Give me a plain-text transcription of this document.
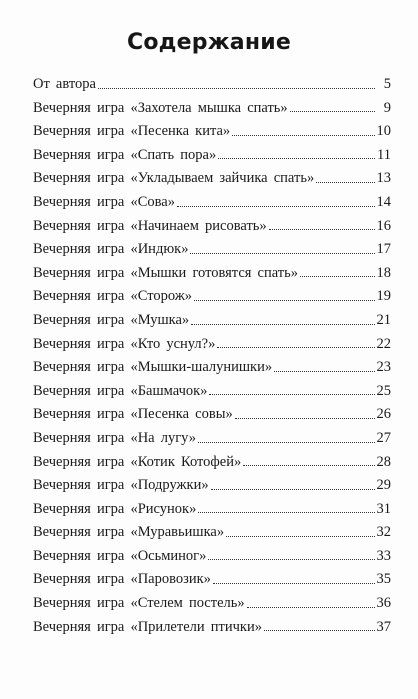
Содержание
От автора	5
Вечерняя игра «Захотела мышка спать»	9
Вечерняя игра «Песенка кита»	10
Вечерняя игра «Спать пора»	11
Вечерняя игра «Укладываем зайчика спать»	13
Вечерняя игра «Сова»	14
Вечерняя игра «Начинаем рисовать»	16
Вечерняя игра «Индюк»	17
Вечерняя игра «Мышки готовятся спать»	18
Вечерняя игра «Сторож»	19
Вечерняя игра «Мушка»	21
Вечерняя игра «Кто уснул?»	22
Вечерняя игра «Мышки-шалунишки»	23
Вечерняя игра «Башмачок»	25
Вечерняя игра «Песенка совы»	26
Вечерняя игра «На лугу»	27
Вечерняя игра «Котик Котофей»	28
Вечерняя игра «Подружки»	29
Вечерняя игра «Рисунок»	31
Вечерняя игра «Муравьишка»	32
Вечерняя игра «Осьминог»	33
Вечерняя игра «Паровозик»	35
Вечерняя игра «Стелем постель»	36
Вечерняя игра «Прилетели птички»	37
